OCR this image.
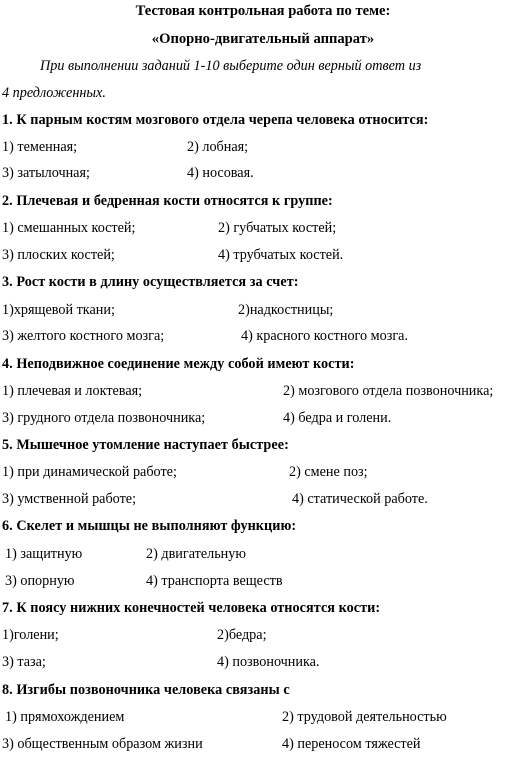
Тестовая контрольная работа по теме:
«Опорно-двигательный аппарат»
При выполнении заданий 1-10 выберите один верный ответ из
4 предложенных.
1. К парным костям мозгового отдела черепа человека относится:
1) теменная;	2) лобная;
3) затылочная;	4) носовая.
2. Плечевая и бедренная кости относятся к группе:
1) смешанных костей;	2) губчатых костей;
3) плоских костей;	4) трубчатых костей.
3. Рост кости в длину осуществляется за счет:
1)хрящевой ткани;	2)надкостницы;
3) желтого костного мозга;	4) красного костного мозга.
4. Неподвижное соединение между собой имеют кости:
1) плечевая и локтевая;	2) мозгового отдела позвоночника;
3) грудного отдела позвоночника;	4) бедра и голени.
5. Мышечное утомление наступает быстрее:
1) при динамической работе;	2) смене поз;
3) умственной работе;	4) статической работе.
6. Скелет и мышцы не выполняют функцию:
1) защитную	2) двигательную
3) опорную	4) транспорта веществ
7. К поясу нижних конечностей человека относятся кости:
1)голени;	2)бедра;
3) таза;	4) позвоночника.
8. Изгибы позвоночника человека связаны с
1) прямохождением	2) трудовой деятельностью
3) общественным образом жизни	4) переносом тяжестей
